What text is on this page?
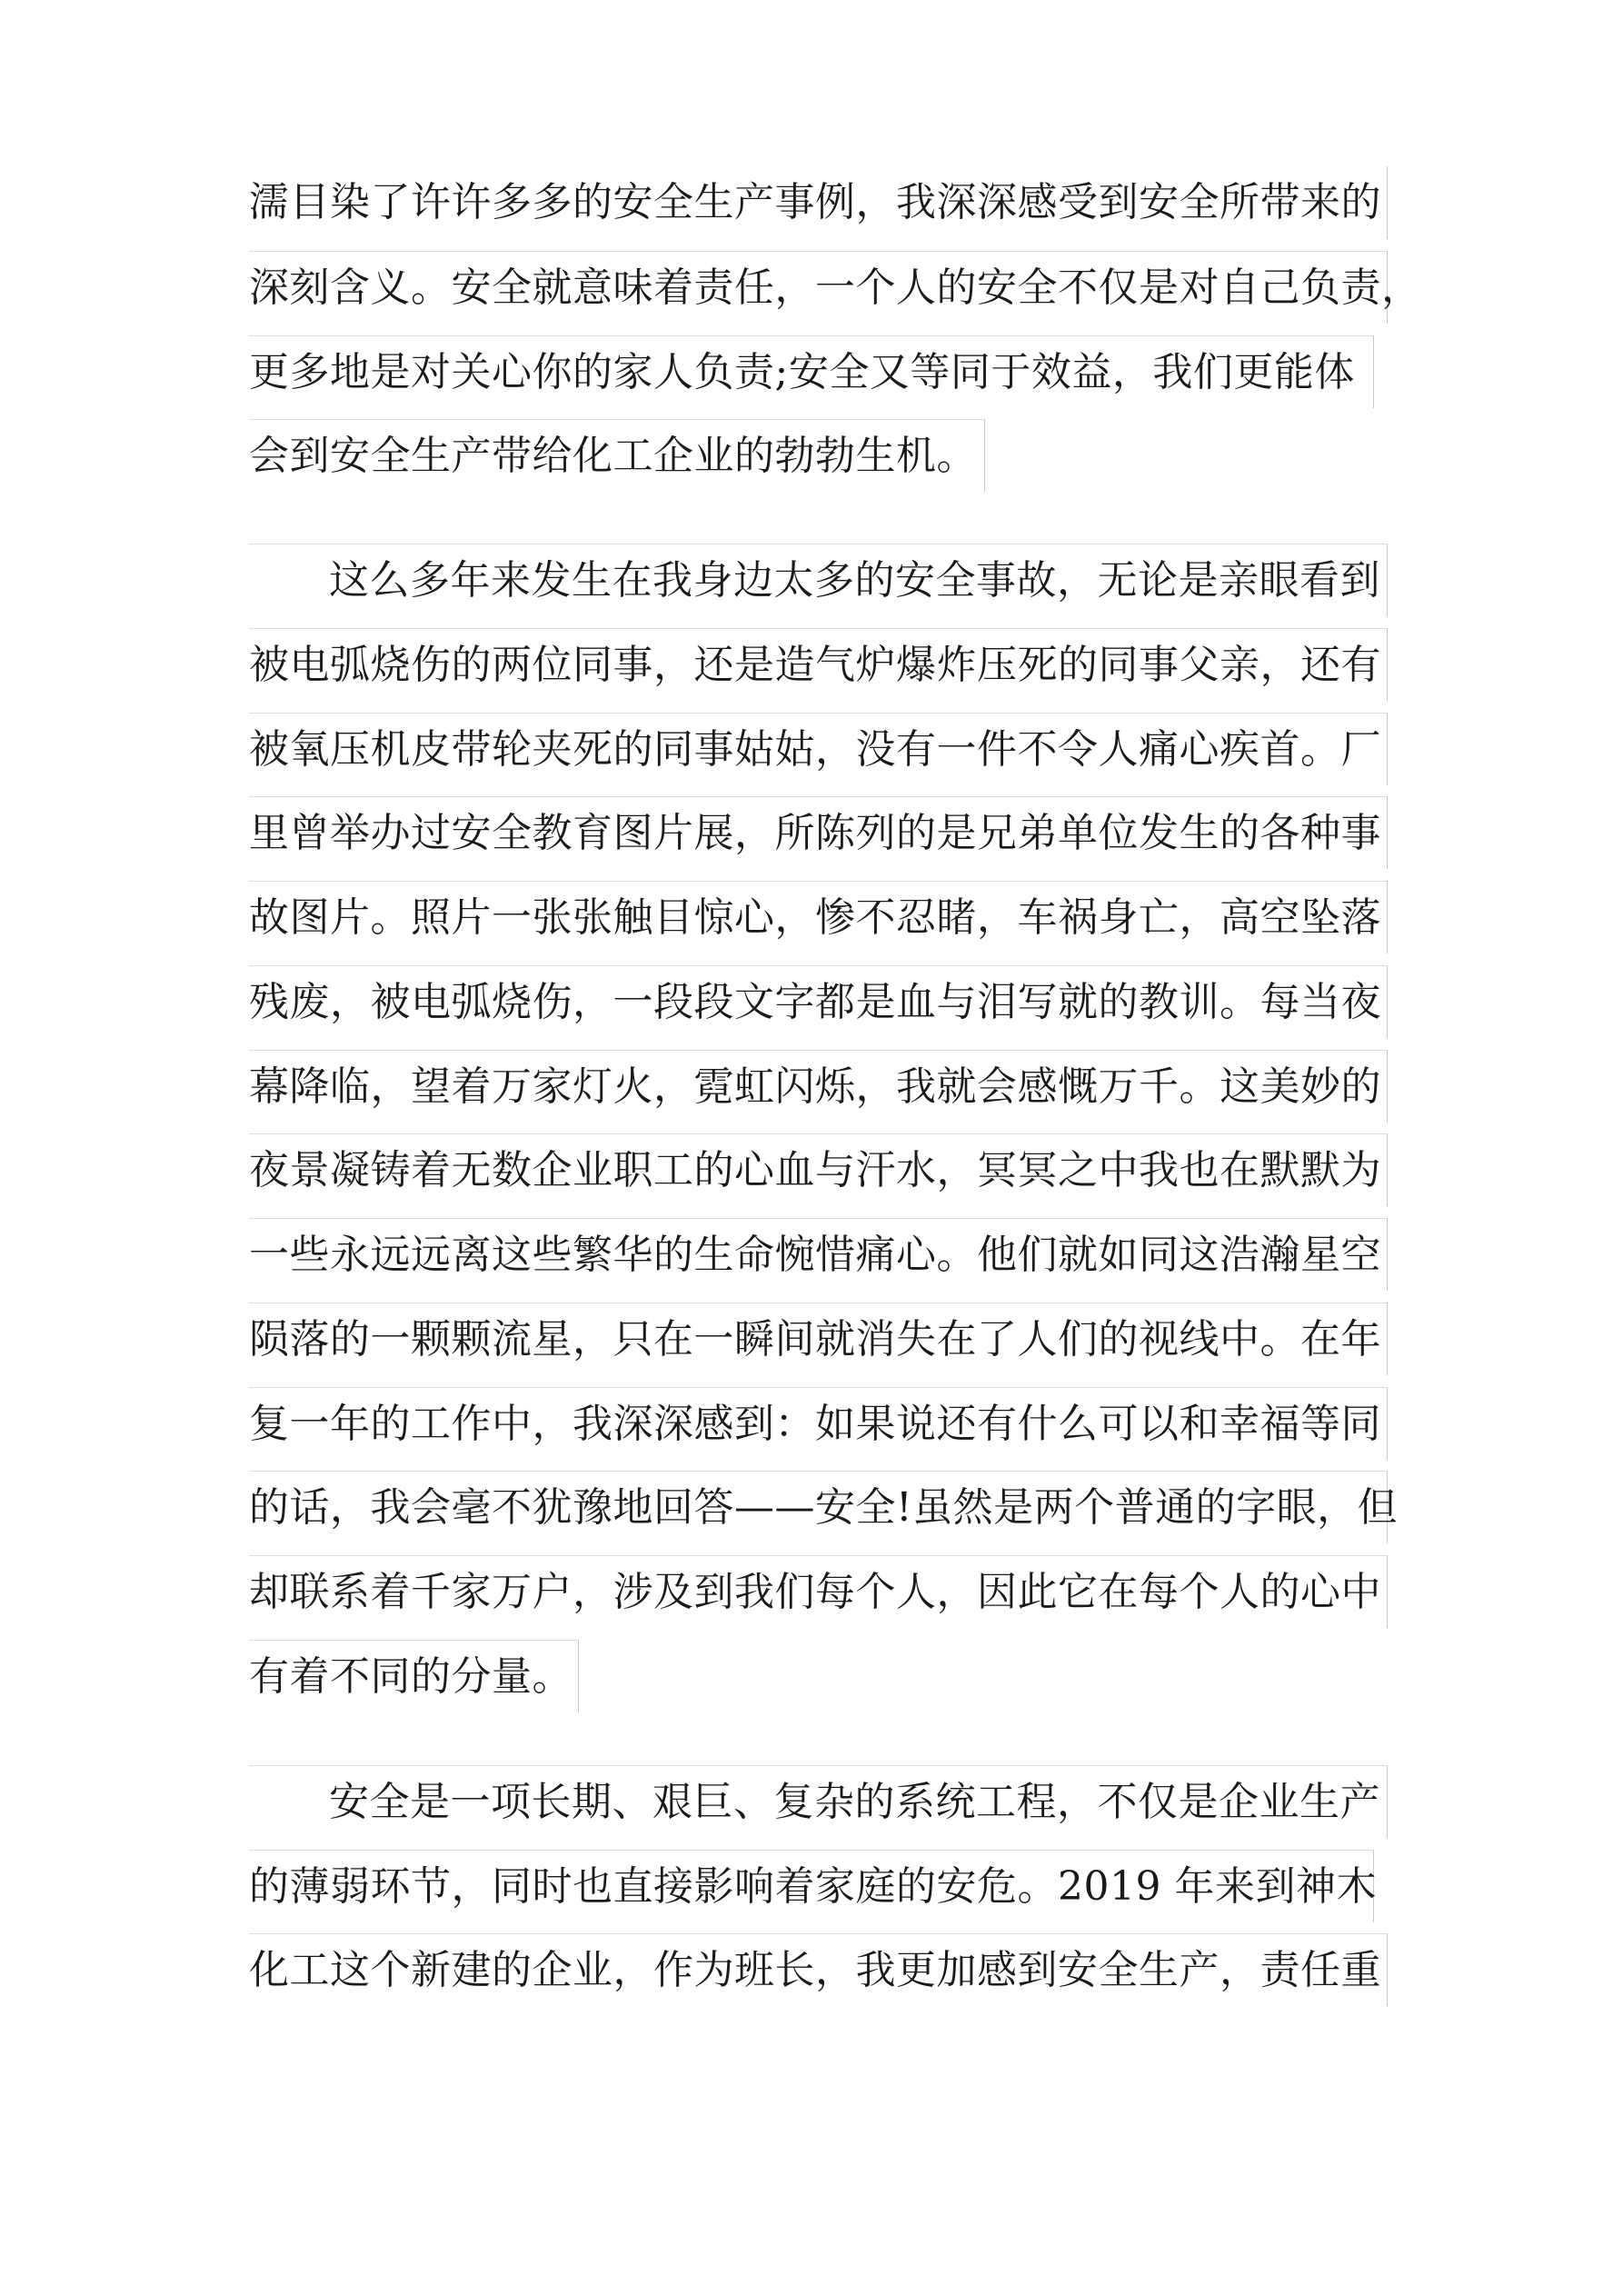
濡目染了许许多多的安全生产事例，我深深感受到安全所带来的
深刻含义。安全就意味着责任，一个人的安全不仅是对自己负责，
更多地是对关心你的家人负责;安全又等同于效益，我们更能体
会到安全生产带给化工企业的勃勃生机。
这么多年来发生在我身边太多的安全事故，无论是亲眼看到
被电弧烧伤的两位同事，还是造气炉爆炸压死的同事父亲，还有
被氧压机皮带轮夹死的同事姑姑，没有一件不令人痛心疾首。厂
里曾举办过安全教育图片展，所陈列的是兄弟单位发生的各种事
故图片。照片一张张触目惊心，惨不忍睹，车祸身亡，高空坠落
残废，被电弧烧伤，一段段文字都是血与泪写就的教训。每当夜
幕降临，望着万家灯火，霓虹闪烁，我就会感慨万千。这美妙的
夜景凝铸着无数企业职工的心血与汗水，冥冥之中我也在默默为
一些永远远离这些繁华的生命惋惜痛心。他们就如同这浩瀚星空
陨落的一颗颗流星，只在一瞬间就消失在了人们的视线中。在年
复一年的工作中，我深深感到：如果说还有什么可以和幸福等同
的话，我会毫不犹豫地回答——安全!虽然是两个普通的字眼，但
却联系着千家万户，涉及到我们每个人，因此它在每个人的心中
有着不同的分量。
安全是一项长期、艰巨、复杂的系统工程，不仅是企业生产
的薄弱环节，同时也直接影响着家庭的安危。2019 年来到神木
化工这个新建的企业，作为班长，我更加感到安全生产，责任重
